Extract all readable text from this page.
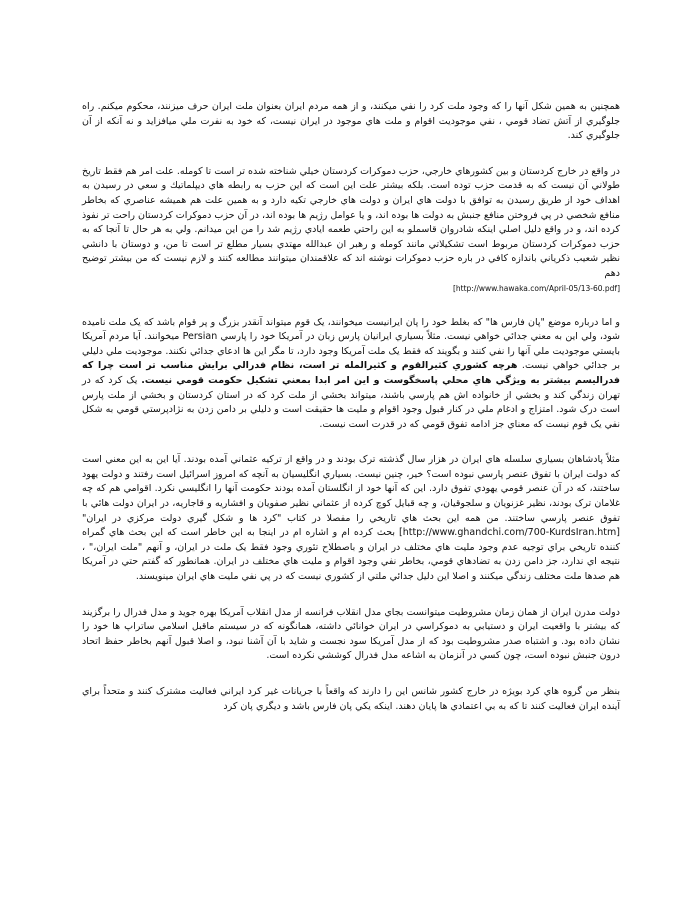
همچنين به همين شكل آنها را كه وجود ملت كرد را نفي ميكنند، و از همه مردم ايران بعنوان ملت ايران حرف ميزنند، محكوم ميكنم. راه جلوگيري از آتش تضاد قومي ، نفي موجوديت اقوام و ملت هاي موجود در ايران نيست، كه خود به نفرت ملي ميافزايد و نه آنكه از آن جلوگيري كند.

در واقع در خارج كردستان و بين كشورهاي خارجي، حزب دموكرات كردستان خيلي شناخته شده تر است تا كومله. علت امر هم فقط تاريخ طولاني آن نيست كه به قدمت حزب توده است. بلكه بيشتر علت اين است كه اين حزب به رابطه هاي ديپلماتيك و سعي در رسيدن به اهداف خود از طريق رسيدن به توافق با دولت هاي ايران و دولت هاي خارجي تكيه دارد و به همين علت هم هميشه عناصري كه بخاطر منافع شخصي در پي فروختن منافع جنبش به دولت ها بوده اند، و يا عوامل رژيم ها بوده اند، در آن حزب دموكرات كردستان راحت تر نفوذ كرده اند، و در واقع دليل اصلي اينكه شادروان قاسملو به اين راحتي طعمه ايادي رژيم شد را من اين ميدانم. ولي به هر حال تا آنجا كه به حزب دموكرات كردستان مربوط است تشكيلاتي مانند كومله و رهبر ان عبدالله مهتدي بسيار مطلع تر است تا من، و دوستان با دانشي نظير شعيب ذكرياني باندازه كافي در باره حزب دموكرات نوشته اند كه علاقمندان ميتوانند مطالعه كنند و لازم نيست كه من بيشتر توضيح دهم
[http://www.hawaka.com/April-05/13-60.pdf]

و اما درباره موضع "پان فارس ها" كه بغلط خود را پان ايرانيست ميخوانند، يک قوم ميتواند آنقدر بزرگ و پر قوام باشد كه يک ملت ناميده شود، ولي اين به معني جدائي خواهي نيست. مثلاً بسياري ايرانيان پارس زبان در آمريكا خود را پارسي Persian ميخوانند. آيا مردم آمريكا بايستي موجوديت ملي آنها را نفي كنند و بگويند كه فقط يک ملت آمريكا وجود دارد، تا مگر اين ها ادعاي جدائي نكنند. موجوديت ملي دليلي بر جدائي خواهي نيست. هرچه كشوري كثيرالقوم و كثيرالمله تر است، نظام فدرالي برايش مناسب تر است چرا كه فدراليسم بيشتر به ويژگي هاي محلي پاسخگوست و اين امر ابدا بمعني تشكيل حكومت قومي نيست. يک كرد كه در تهران زندگي كند و بخشي از خانواده اش هم پارسي باشند، ميتواند بخشي از ملت كرد كه در استان كردستان و بخشي از ملت پارس است درک شود. امتزاج و ادغام ملي در كنار قبول وجود اقوام و مليت ها حقيقت است و دليلي بر دامن زدن به نژادپرستي قومي به شكل نفي يک قوم نيست كه معناي جز ادامه تفوق قومي كه در قدرت است نيست.

مثلاً پادشاهان بسياري سلسله هاي ايران در هزار سال گذشته ترک بودند و در واقع از تركيه عثماني آمده بودند. آيا اين به اين معني است كه دولت ايران با تفوق عنصر پارسي نبوده است؟ خير، چنين نيست. بسياري انگليسيان به آنچه كه امروز اسرائيل است رفتند و دولت يهود ساختند، كه در آن عنصر قومي يهودي تفوق دارد. اين كه آنها خود از انگلستان آمده بودند حكومت آنها را انگليسي نكرد. اقوامي هم كه چه غلامان ترک بودند، نظير غزنويان و سلجوقيان، و چه قبايل كوچ كرده از عثماني نظير صفويان و افشاريه و قاجاريه، در ايران دولت هائي با تفوق عنصر پارسي ساختند. من همه اين بحث هاي تاريخي را مفصلا در كتاب "كرد ها و شكل گيري دولت مركزي در ايران" [http://www.ghandchi.com/700-KurdsIran.htm] بحث كرده ام و اشاره ام در اينجا به اين خاطر است كه اين بحث هاي گمراه كننده تاريخي براي توجيه عدم وجود مليت هاي مختلف در ايران و باصطلاح تئوري وجود فقط يک ملت در ايران، و آنهم "ملت ايران،" ، نتيجه اي ندارد، جز دامن زدن به تضادهاي قومي، بخاطر نفي وجود اقوام و مليت هاي مختلف در ايران. همانطور كه گفتم حتي در آمريكا هم صدها ملت مختلف زندگي ميكنند و اصلا اين دليل جدائي ملتي از كشوري نيست كه در پي نفي مليت هاي ايران مينويسند.

دولت مدرن ايران از همان زمان مشروطيت ميتوانست بجاي مدل انقلاب فرانسه از مدل انقلاب آمريكا بهره جويد و مدل فدرال را برگزيند كه بيشتر با واقعيت ايران و دستيابي به دموكراسي در ايران خوانائي داشته، همانگونه كه در سيستم ماقبل اسلامي ساتراپ ها خود را نشان داده بود. و اشتباه صدر مشروطيت بود كه از مدل آمريكا سود نجست و شايد با آن آشنا نبود، و اصلا قبول آنهم بخاطر حفظ اتحاد درون جنبش نبوده است، چون كسي در آنزمان به اشاعه مدل فدرال كوششي نكرده است.

بنظر من گروه هاي كرد بويژه در خارج كشور شانس اين را دارند كه واقعاً با جريانات غير كرد ايراني فعاليت مشترک كنند و متحداً براي آينده ايران فعاليت كنند تا كه به بي اعتمادي ها پايان دهند. اينكه يكي پان فارس باشد و ديگري پان كرد
